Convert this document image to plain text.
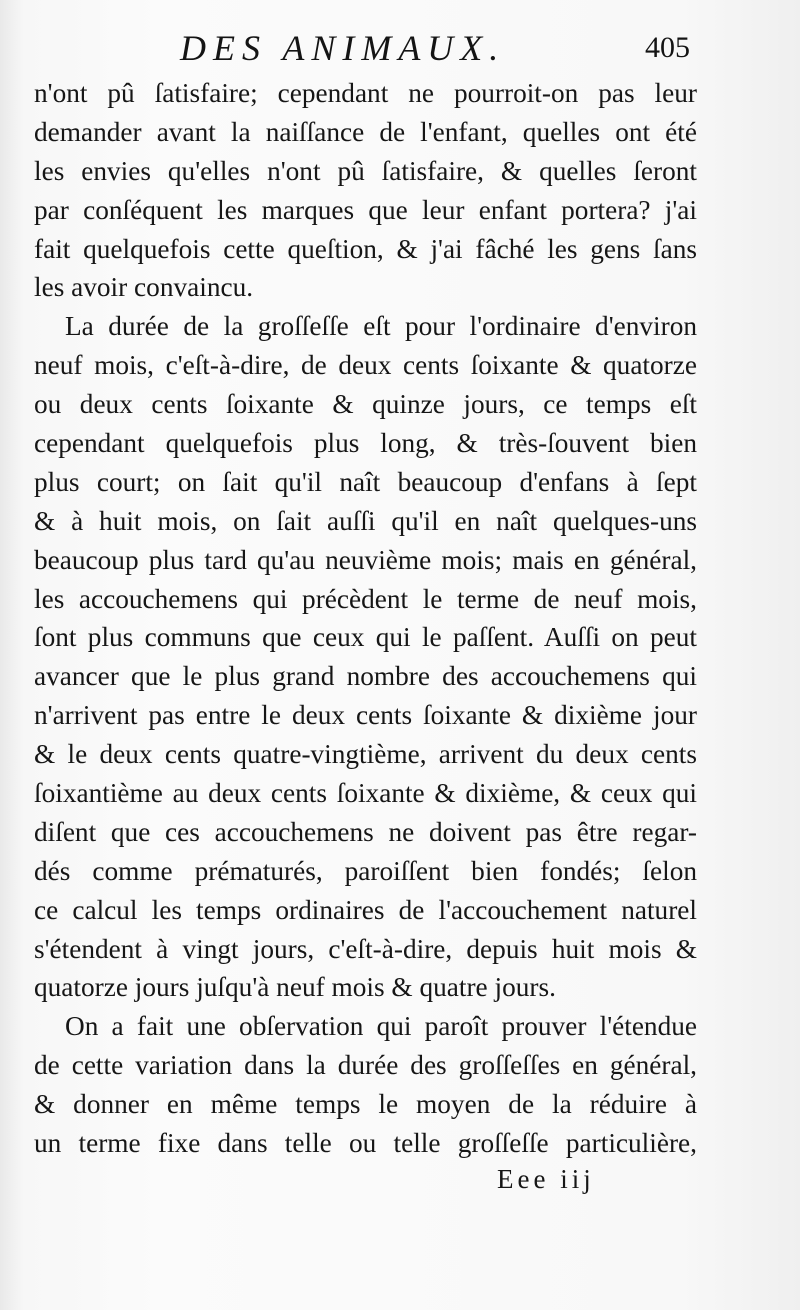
DES ANIMAUX.	405
n'ont pû ſatisfaire; cependant ne pourroit-on pas leur
demander avant la naiſſance de l'enfant, quelles ont été
les envies qu'elles n'ont pû ſatisfaire, & quelles ſeront
par conſéquent les marques que leur enfant portera? j'ai
fait quelquefois cette queſtion, & j'ai fâché les gens ſans
les avoir convaincu.
La durée de la groſſeſſe eſt pour l'ordinaire d'environ
neuf mois, c'eſt-à-dire, de deux cents ſoixante & quatorze
ou deux cents ſoixante & quinze jours, ce temps eſt
cependant quelquefois plus long, & très-ſouvent bien
plus court; on ſait qu'il naît beaucoup d'enfans à ſept
& à huit mois, on ſait auſſi qu'il en naît quelques-uns
beaucoup plus tard qu'au neuvième mois; mais en général,
les accouchemens qui précèdent le terme de neuf mois,
ſont plus communs que ceux qui le paſſent. Auſſi on peut
avancer que le plus grand nombre des accouchemens qui
n'arrivent pas entre le deux cents ſoixante & dixième jour
& le deux cents quatre-vingtième, arrivent du deux cents
ſoixantième au deux cents ſoixante & dixième, & ceux qui
diſent que ces accouchemens ne doivent pas être regar-
dés comme prématurés, paroiſſent bien fondés; ſelon
ce calcul les temps ordinaires de l'accouchement naturel
s'étendent à vingt jours, c'eſt-à-dire, depuis huit mois &
quatorze jours juſqu'à neuf mois & quatre jours.
On a fait une obſervation qui paroît prouver l'étendue
de cette variation dans la durée des groſſeſſes en général,
& donner en même temps le moyen de la réduire à
un terme fixe dans telle ou telle groſſeſſe particulière,
Eee iij
